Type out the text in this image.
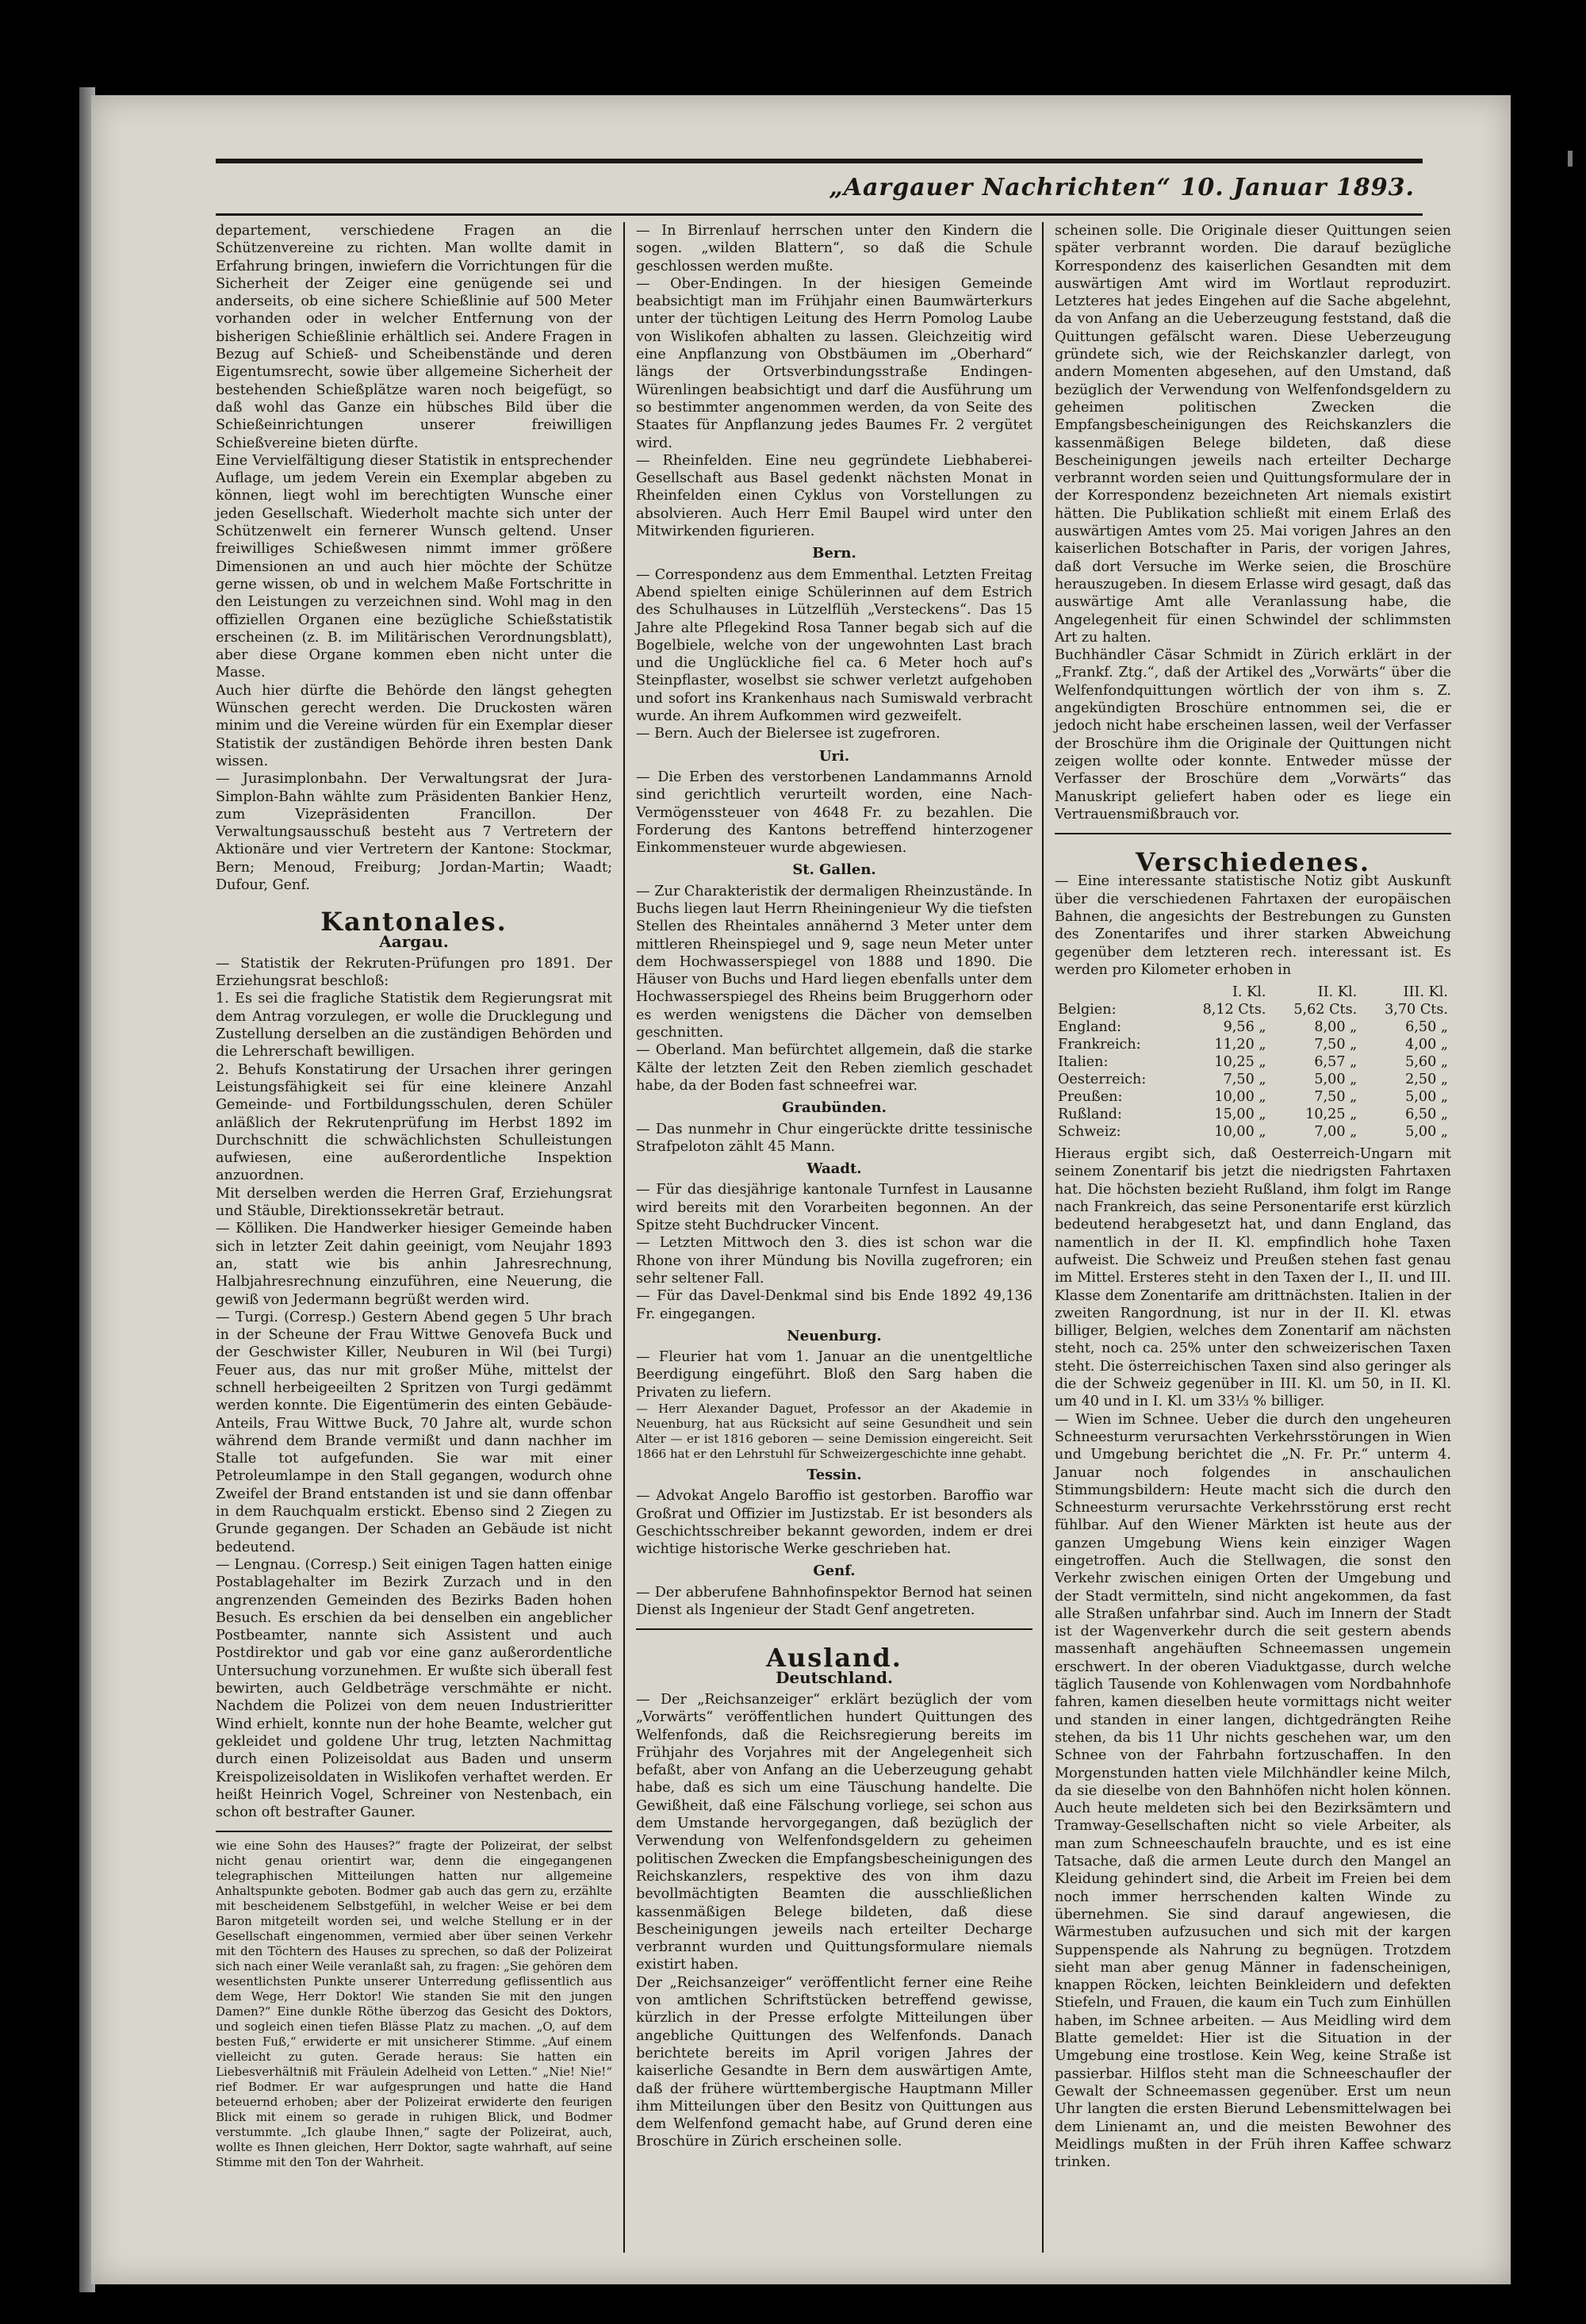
„Aargauer Nachrichten“ 10. Januar 1893.

departement, verschiedene Fragen an die Schützenvereine zu richten. Man wollte damit in Erfahrung bringen, inwiefern die Vorrichtungen für die Sicherheit der Zeiger eine genügende sei und anderseits, ob eine sichere Schießlinie auf 500 Meter vorhanden oder in welcher Entfernung von der bisherigen Schießlinie erhältlich sei. Andere Fragen in Bezug auf Schieß- und Scheibenstände und deren Eigentumsrecht, sowie über allgemeine Sicherheit der bestehenden Schießplätze waren noch beigefügt, so daß wohl das Ganze ein hübsches Bild über die Schießeinrichtungen unserer freiwilligen Schießvereine bieten dürfte.

Eine Vervielfältigung dieser Statistik in entsprechender Auflage, um jedem Verein ein Exemplar abgeben zu können, liegt wohl im berechtigten Wunsche einer jeden Gesellschaft. Wiederholt machte sich unter der Schützenwelt ein fernerer Wunsch geltend. Unser freiwilliges Schießwesen nimmt immer größere Dimensionen an und auch hier möchte der Schütze gerne wissen, ob und in welchem Maße Fortschritte in den Leistungen zu verzeichnen sind. Wohl mag in den offiziellen Organen eine bezügliche Schießstatistik erscheinen (z. B. im Militärischen Verordnungsblatt), aber diese Organe kommen eben nicht unter die Masse.

Auch hier dürfte die Behörde den längst gehegten Wünschen gerecht werden. Die Druckosten wären minim und die Vereine würden für ein Exemplar dieser Statistik der zuständigen Behörde ihren besten Dank wissen.

— Jurasimplonbahn. Der Verwaltungsrat der Jura-Simplon-Bahn wählte zum Präsidenten Bankier Henz, zum Vizepräsidenten Francillon. Der Verwaltungsausschuß besteht aus 7 Vertretern der Aktionäre und vier Vertretern der Kantone: Stockmar, Bern; Menoud, Freiburg; Jordan-Martin; Waadt; Dufour, Genf.

Kantonales.
Aargau.

— Statistik der Rekruten-Prüfungen pro 1891. Der Erziehungsrat beschloß:

1. Es sei die fragliche Statistik dem Regierungsrat mit dem Antrag vorzulegen, er wolle die Drucklegung und Zustellung derselben an die zuständigen Behörden und die Lehrerschaft bewilligen.

2. Behufs Konstatirung der Ursachen ihrer geringen Leistungsfähigkeit sei für eine kleinere Anzahl Gemeinde- und Fortbildungsschulen, deren Schüler anläßlich der Rekrutenprüfung im Herbst 1892 im Durchschnitt die schwächlichsten Schulleistungen aufwiesen, eine außerordentliche Inspektion anzuordnen.

Mit derselben werden die Herren Graf, Erziehungsrat und Stäuble, Direktionssekretär betraut.

— Kölliken. Die Handwerker hiesiger Gemeinde haben sich in letzter Zeit dahin geeinigt, vom Neujahr 1893 an, statt wie bis anhin Jahresrechnung, Halbjahresrechnung einzuführen, eine Neuerung, die gewiß von Jedermann begrüßt werden wird.

— Turgi. (Corresp.) Gestern Abend gegen 5 Uhr brach in der Scheune der Frau Wittwe Genovefa Buck und der Geschwister Killer, Neuburen in Wil (bei Turgi) Feuer aus, das nur mit großer Mühe, mittelst der schnell herbeigeeilten 2 Spritzen von Turgi gedämmt werden konnte. Die Eigentümerin des einten Gebäude-Anteils, Frau Wittwe Buck, 70 Jahre alt, wurde schon während dem Brande vermißt und dann nachher im Stalle tot aufgefunden. Sie war mit einer Petroleumlampe in den Stall gegangen, wodurch ohne Zweifel der Brand entstanden ist und sie dann offenbar in dem Rauchqualm erstickt. Ebenso sind 2 Ziegen zu Grunde gegangen. Der Schaden an Gebäude ist nicht bedeutend.

— Lengnau. (Corresp.) Seit einigen Tagen hatten einige Postablagehalter im Bezirk Zurzach und in den angrenzenden Gemeinden des Bezirks Baden hohen Besuch. Es erschien da bei denselben ein angeblicher Postbeamter, nannte sich Assistent und auch Postdirektor und gab vor eine ganz außerordentliche Untersuchung vorzunehmen. Er wußte sich überall fest bewirten, auch Geldbeträge verschmähte er nicht. Nachdem die Polizei von dem neuen Industrieritter Wind erhielt, konnte nun der hohe Beamte, welcher gut gekleidet und goldene Uhr trug, letzten Nachmittag durch einen Polizeisoldat aus Baden und unserm Kreispolizeisoldaten in Wislikofen verhaftet werden. Er heißt Heinrich Vogel, Schreiner von Nestenbach, ein schon oft bestrafter Gauner.

wie eine Sohn des Hauses?“ fragte der Polizeirat, der selbst nicht genau orientirt war, denn die eingegangenen telegraphischen Mitteilungen hatten nur allgemeine Anhaltspunkte geboten. Bodmer gab auch das gern zu, erzählte mit bescheidenem Selbstgefühl, in welcher Weise er bei dem Baron mitgeteilt worden sei, und welche Stellung er in der Gesellschaft eingenommen, vermied aber über seinen Verkehr mit den Töchtern des Hauses zu sprechen, so daß der Polizeirat sich nach einer Weile veranlaßt sah, zu fragen: „Sie gehören dem wesentlichsten Punkte unserer Unterredung geflissentlich aus dem Wege, Herr Doktor! Wie standen Sie mit den jungen Damen?“ Eine dunkle Röthe überzog das Gesicht des Doktors, und sogleich einen tiefen Blässe Platz zu machen. „O, auf dem besten Fuß,“ erwiderte er mit unsicherer Stimme. „Auf einem vielleicht zu guten. Gerade heraus: Sie hatten ein Liebesverhältniß mit Fräulein Adelheid von Letten.“ „Nie! Nie!“ rief Bodmer. Er war aufgesprungen und hatte die Hand beteuernd erhoben; aber der Polizeirat erwiderte den feurigen Blick mit einem so gerade in ruhigen Blick, und Bodmer verstummte. „Ich glaube Ihnen,“ sagte der Polizeirat, auch, wollte es Ihnen gleichen, Herr Doktor, sagte wahrhaft, auf seine Stimme mit den Ton der Wahrheit.

— In Birrenlauf herrschen unter den Kindern die sogen. „wilden Blattern“, so daß die Schule geschlossen werden mußte.

— Ober-Endingen. In der hiesigen Gemeinde beabsichtigt man im Frühjahr einen Baumwärterkurs unter der tüchtigen Leitung des Herrn Pomolog Laube von Wislikofen abhalten zu lassen. Gleichzeitig wird eine Anpflanzung von Obstbäumen im „Oberhard“ längs der Ortsverbindungsstraße Endingen-Würenlingen beabsichtigt und darf die Ausführung um so bestimmter angenommen werden, da von Seite des Staates für Anpflanzung jedes Baumes Fr. 2 vergütet wird.

— Rheinfelden. Eine neu gegründete Liebhaberei-Gesellschaft aus Basel gedenkt nächsten Monat in Rheinfelden einen Cyklus von Vorstellungen zu absolvieren. Auch Herr Emil Baupel wird unter den Mitwirkenden figurieren.

Bern.

— Correspondenz aus dem Emmenthal. Letzten Freitag Abend spielten einige Schülerinnen auf dem Estrich des Schulhauses in Lützelflüh „Versteckens“. Das 15 Jahre alte Pflegekind Rosa Tanner begab sich auf die Bogelbiele, welche von der ungewohnten Last brach und die Unglückliche fiel ca. 6 Meter hoch auf's Steinpflaster, woselbst sie schwer verletzt aufgehoben und sofort ins Krankenhaus nach Sumiswald verbracht wurde. An ihrem Aufkommen wird gezweifelt.

— Bern. Auch der Bielersee ist zugefroren.

Uri.

— Die Erben des verstorbenen Landammanns Arnold sind gerichtlich verurteilt worden, eine Nach-Vermögenssteuer von 4648 Fr. zu bezahlen. Die Forderung des Kantons betreffend hinterzogener Einkommensteuer wurde abgewiesen.

St. Gallen.

— Zur Charakteristik der dermaligen Rheinzustände. In Buchs liegen laut Herrn Rheiningenieur Wy die tiefsten Stellen des Rheintales annähernd 3 Meter unter dem mittleren Rheinspiegel und 9, sage neun Meter unter dem Hochwasserspiegel von 1888 und 1890. Die Häuser von Buchs und Hard liegen ebenfalls unter dem Hochwasserspiegel des Rheins beim Bruggerhorn oder es werden wenigstens die Dächer von demselben geschnitten.

— Oberland. Man befürchtet allgemein, daß die starke Kälte der letzten Zeit den Reben ziemlich geschadet habe, da der Boden fast schneefrei war.

Graubünden.

— Das nunmehr in Chur eingerückte dritte tessinische Strafpeloton zählt 45 Mann.

Waadt.

— Für das diesjährige kantonale Turnfest in Lausanne wird bereits mit den Vorarbeiten begonnen. An der Spitze steht Buchdrucker Vincent.

— Letzten Mittwoch den 3. dies ist schon war die Rhone von ihrer Mündung bis Novilla zugefroren; ein sehr seltener Fall.

— Für das Davel-Denkmal sind bis Ende 1892 49,136 Fr. eingegangen.

Neuenburg.

— Fleurier hat vom 1. Januar an die unentgeltliche Beerdigung eingeführt. Bloß den Sarg haben die Privaten zu liefern.

— Herr Alexander Daguet, Professor an der Akademie in Neuenburg, hat aus Rücksicht auf seine Gesundheit und sein Alter — er ist 1816 geboren — seine Demission eingereicht. Seit 1866 hat er den Lehrstuhl für Schweizergeschichte inne gehabt.

Tessin.

— Advokat Angelo Baroffio ist gestorben. Baroffio war Großrat und Offizier im Justizstab. Er ist besonders als Geschichtsschreiber bekannt geworden, indem er drei wichtige historische Werke geschrieben hat.

Genf.

— Der abberufene Bahnhofinspektor Bernod hat seinen Dienst als Ingenieur der Stadt Genf angetreten.

Ausland.
Deutschland.

— Der „Reichsanzeiger“ erklärt bezüglich der vom „Vorwärts“ veröffentlichen hundert Quittungen des Welfenfonds, daß die Reichsregierung bereits im Frühjahr des Vorjahres mit der Angelegenheit sich befaßt, aber von Anfang an die Ueberzeugung gehabt habe, daß es sich um eine Täuschung handelte. Die Gewißheit, daß eine Fälschung vorliege, sei schon aus dem Umstande hervorgegangen, daß bezüglich der Verwendung von Welfenfondsgeldern zu geheimen politischen Zwecken die Empfangsbescheinigungen des Reichskanzlers, respektive des von ihm dazu bevollmächtigten Beamten die ausschließlichen kassenmäßigen Belege bildeten, daß diese Bescheinigungen jeweils nach erteilter Decharge verbrannt wurden und Quittungsformulare niemals existirt haben.

Der „Reichsanzeiger“ veröffentlicht ferner eine Reihe von amtlichen Schriftstücken betreffend gewisse, kürzlich in der Presse erfolgte Mitteilungen über angebliche Quittungen des Welfenfonds. Danach berichtete bereits im April vorigen Jahres der kaiserliche Gesandte in Bern dem auswärtigen Amte, daß der frühere württembergische Hauptmann Miller ihm Mitteilungen über den Besitz von Quittungen aus dem Welfenfond gemacht habe, auf Grund deren eine Broschüre in Zürich erscheinen solle.

scheinen solle. Die Originale dieser Quittungen seien später verbrannt worden. Die darauf bezügliche Korrespondenz des kaiserlichen Gesandten mit dem auswärtigen Amt wird im Wortlaut reproduzirt. Letzteres hat jedes Eingehen auf die Sache abgelehnt, da von Anfang an die Ueberzeugung feststand, daß die Quittungen gefälscht waren. Diese Ueberzeugung gründete sich, wie der Reichskanzler darlegt, von andern Momenten abgesehen, auf den Umstand, daß bezüglich der Verwendung von Welfenfondsgeldern zu geheimen politischen Zwecken die Empfangsbescheinigungen des Reichskanzlers die kassenmäßigen Belege bildeten, daß diese Bescheinigungen jeweils nach erteilter Decharge verbrannt worden seien und Quittungsformulare der in der Korrespondenz bezeichneten Art niemals existirt hätten. Die Publikation schließt mit einem Erlaß des auswärtigen Amtes vom 25. Mai vorigen Jahres an den kaiserlichen Botschafter in Paris, der vorigen Jahres, daß dort Versuche im Werke seien, die Broschüre herauszugeben. In diesem Erlasse wird gesagt, daß das auswärtige Amt alle Veranlassung habe, die Angelegenheit für einen Schwindel der schlimmsten Art zu halten.

Buchhändler Cäsar Schmidt in Zürich erklärt in der „Frankf. Ztg.“, daß der Artikel des „Vorwärts“ über die Welfenfondquittungen wörtlich der von ihm s. Z. angekündigten Broschüre entnommen sei, die er jedoch nicht habe erscheinen lassen, weil der Verfasser der Broschüre ihm die Originale der Quittungen nicht zeigen wollte oder konnte. Entweder müsse der Verfasser der Broschüre dem „Vorwärts“ das Manuskript geliefert haben oder es liege ein Vertrauensmißbrauch vor.

Verschiedenes.

— Eine interessante statistische Notiz gibt Auskunft über die verschiedenen Fahrtaxen der europäischen Bahnen, die angesichts der Bestrebungen zu Gunsten des Zonentarifes und ihrer starken Abweichung gegenüber dem letzteren rech. interessant ist. Es werden pro Kilometer erhoben in

	I. Kl.	II. Kl.	III. Kl.
Belgien:	8,12 Cts.	5,62 Cts.	3,70 Cts.
England:	9,56 „	8,00 „	6,50 „
Frankreich:	11,20 „	7,50 „	4,00 „
Italien:	10,25 „	6,57 „	5,60 „
Oesterreich:	7,50 „	5,00 „	2,50 „
Preußen:	10,00 „	7,50 „	5,00 „
Rußland:	15,00 „	10,25 „	6,50 „
Schweiz:	10,00 „	7,00 „	5,00 „

Hieraus ergibt sich, daß Oesterreich-Ungarn mit seinem Zonentarif bis jetzt die niedrigsten Fahrtaxen hat. Die höchsten bezieht Rußland, ihm folgt im Range nach Frankreich, das seine Personentarife erst kürzlich bedeutend herabgesetzt hat, und dann England, das namentlich in der II. Kl. empfindlich hohe Taxen aufweist. Die Schweiz und Preußen stehen fast genau im Mittel. Ersteres steht in den Taxen der I., II. und III. Klasse dem Zonentarife am drittnächsten. Italien in der zweiten Rangordnung, ist nur in der II. Kl. etwas billiger, Belgien, welches dem Zonentarif am nächsten steht, noch ca. 25% unter den schweizerischen Taxen steht. Die österreichischen Taxen sind also geringer als die der Schweiz gegenüber in III. Kl. um 50, in II. Kl. um 40 und in I. Kl. um 33⅓ % billiger.

— Wien im Schnee. Ueber die durch den ungeheuren Schneesturm verursachten Verkehrsstörungen in Wien und Umgebung berichtet die „N. Fr. Pr.“ unterm 4. Januar noch folgendes in anschaulichen Stimmungsbildern: Heute macht sich die durch den Schneesturm verursachte Verkehrsstörung erst recht fühlbar. Auf den Wiener Märkten ist heute aus der ganzen Umgebung Wiens kein einziger Wagen eingetroffen. Auch die Stellwagen, die sonst den Verkehr zwischen einigen Orten der Umgebung und der Stadt vermitteln, sind nicht angekommen, da fast alle Straßen unfahrbar sind. Auch im Innern der Stadt ist der Wagenverkehr durch die seit gestern abends massenhaft angehäuften Schneemassen ungemein erschwert. In der oberen Viaduktgasse, durch welche täglich Tausende von Kohlenwagen vom Nordbahnhofe fahren, kamen dieselben heute vormittags nicht weiter und standen in einer langen, dichtgedrängten Reihe stehen, da bis 11 Uhr nichts geschehen war, um den Schnee von der Fahrbahn fortzuschaffen. In den Morgenstunden hatten viele Milchhändler keine Milch, da sie dieselbe von den Bahnhöfen nicht holen können. Auch heute meldeten sich bei den Bezirksämtern und Tramway-Gesellschaften nicht so viele Arbeiter, als man zum Schneeschaufeln brauchte, und es ist eine Tatsache, daß die armen Leute durch den Mangel an Kleidung gehindert sind, die Arbeit im Freien bei dem noch immer herrschenden kalten Winde zu übernehmen. Sie sind darauf angewiesen, die Wärmestuben aufzusuchen und sich mit der kargen Suppenspende als Nahrung zu begnügen. Trotzdem sieht man aber genug Männer in fadenscheinigen, knappen Röcken, leichten Beinkleidern und defekten Stiefeln, und Frauen, die kaum ein Tuch zum Einhüllen haben, im Schnee arbeiten. — Aus Meidling wird dem Blatte gemeldet: Hier ist die Situation in der Umgebung eine trostlose. Kein Weg, keine Straße ist passierbar. Hilflos steht man die Schneeschaufler der Gewalt der Schneemassen gegenüber. Erst um neun Uhr langten die ersten Bierund Lebensmittelwagen bei dem Linienamt an, und die meisten Bewohner des Meidlings mußten in der Früh ihren Kaffee schwarz trinken.
